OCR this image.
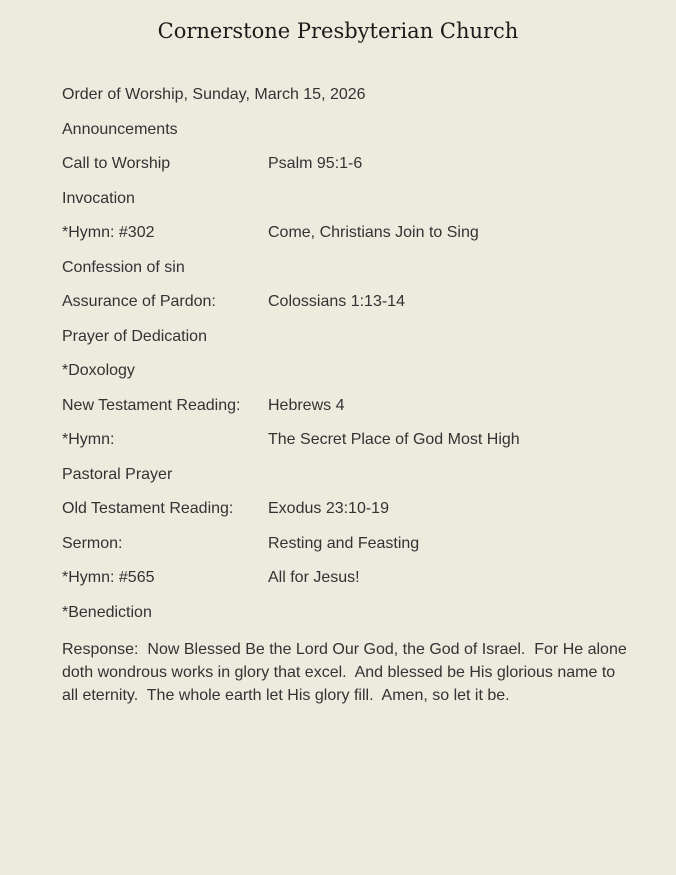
Cornerstone Presbyterian Church
Order of Worship, Sunday, March 15, 2026
Announcements
Call to Worship	Psalm 95:1-6
Invocation
*Hymn: #302	Come, Christians Join to Sing
Confession of sin
Assurance of Pardon:	Colossians 1:13-14
Prayer of Dedication
*Doxology
New Testament Reading:	Hebrews 4
*Hymn:	The Secret Place of God Most High
Pastoral Prayer
Old Testament Reading:	Exodus 23:10-19
Sermon:	Resting and Feasting
*Hymn: #565	All for Jesus!
*Benediction
Response:  Now Blessed Be the Lord Our God, the God of Israel.  For He alone doth wondrous works in glory that excel.  And blessed be His glorious name to all eternity.  The whole earth let His glory fill.  Amen, so let it be.
